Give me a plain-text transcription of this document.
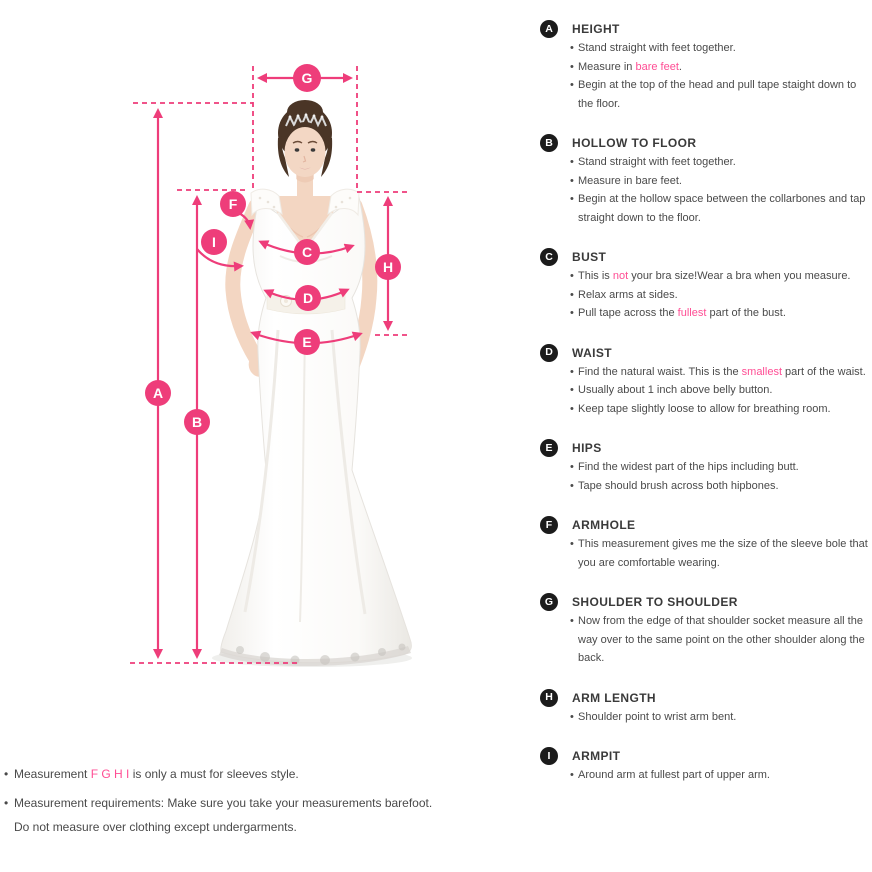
G
F
I
C
D
E
H
A
B
A HEIGHT
• Stand straight with feet together.
• Measure in bare feet.
• Begin at the top of the head and pull tape staight down to the floor.
B HOLLOW TO FLOOR
• Stand straight with feet together.
• Measure in bare feet.
• Begin at the hollow space between the collarbones and tap straight down to the floor.
C BUST
• This is not your bra size!Wear a bra when you measure.
• Relax arms at sides.
• Pull tape across the fullest part of the bust.
D WAIST
• Find the natural waist. This is the smallest part of the waist.
• Usually about 1 inch above belly button.
• Keep tape slightly loose to allow for breathing room.
E HIPS
• Find the widest part of the hips including butt.
• Tape should brush across both hipbones.
F ARMHOLE
• This measurement gives me the size of the sleeve bole that you are comfortable wearing.
G SHOULDER TO SHOULDER
• Now from the edge of that shoulder socket measure all the way over to the same point on the other shoulder along the back.
H ARM LENGTH
• Shoulder point to wrist arm bent.
I ARMPIT
• Around arm at fullest part of upper arm.
• Measurement F G H I is only a must for sleeves style.
• Measurement requirements: Make sure you take your measurements barefoot.
Do not measure over clothing except undergarments.
